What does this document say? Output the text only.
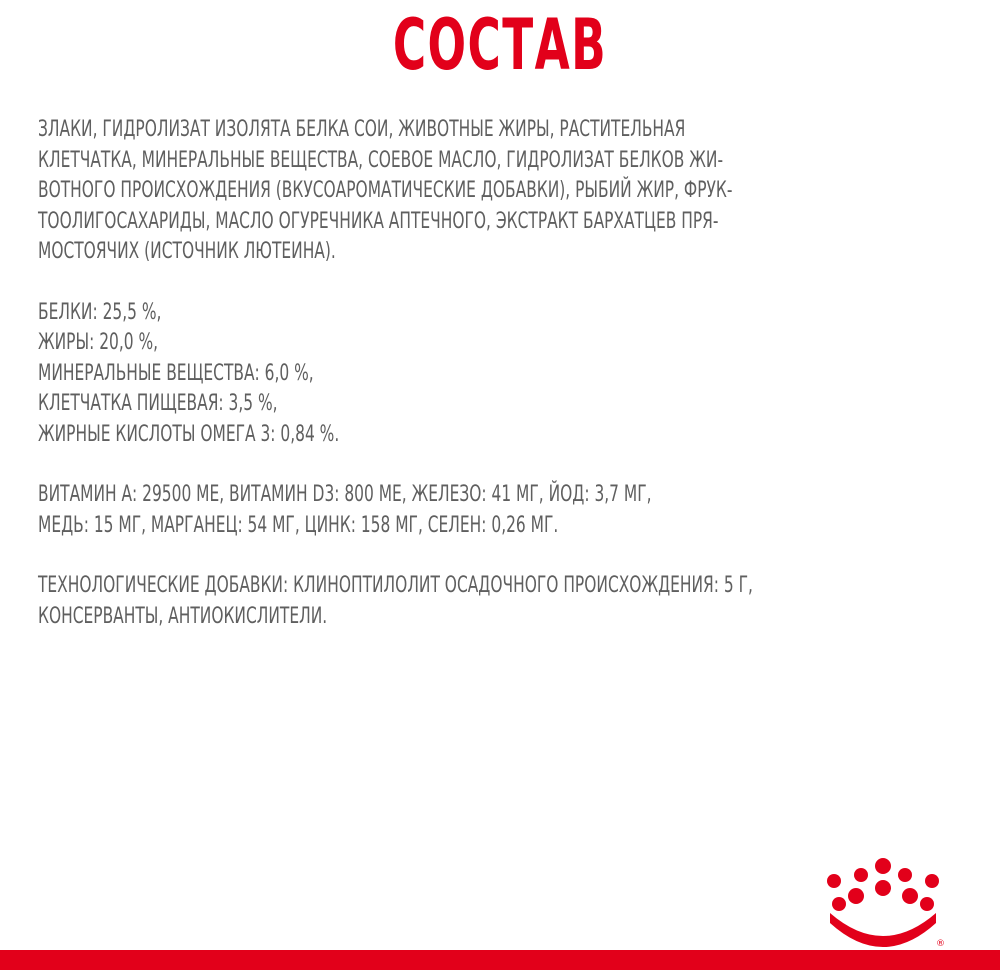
СОСТАВ
ЗЛАКИ, ГИДРОЛИЗАТ ИЗОЛЯТА БЕЛКА СОИ, ЖИВОТНЫЕ ЖИРЫ, РАСТИТЕЛЬНАЯ
КЛЕТЧАТКА, МИНЕРАЛЬНЫЕ ВЕЩЕСТВА, СОЕВОЕ МАСЛО, ГИДРОЛИЗАТ БЕЛКОВ ЖИ-
ВОТНОГО ПРОИСХОЖДЕНИЯ (ВКУСОАРОМАТИЧЕСКИЕ ДОБАВКИ), РЫБИЙ ЖИР, ФРУК-
ТООЛИГОСАХАРИДЫ, МАСЛО ОГУРЕЧНИКА АПТЕЧНОГО, ЭКСТРАКТ БАРХАТЦЕВ ПРЯ-
МОСТОЯЧИХ (ИСТОЧНИК ЛЮТЕИНА).
БЕЛКИ: 25,5 %,
ЖИРЫ: 20,0 %,
МИНЕРАЛЬНЫЕ ВЕЩЕСТВА: 6,0 %,
КЛЕТЧАТКА ПИЩЕВАЯ: 3,5 %,
ЖИРНЫЕ КИСЛОТЫ ОМЕГА 3: 0,84 %.
ВИТАМИН А: 29500 МЕ, ВИТАМИН D3: 800 МЕ, ЖЕЛЕЗО: 41 МГ, ЙОД: 3,7 МГ,
МЕДЬ: 15 МГ, МАРГАНЕЦ: 54 МГ, ЦИНК: 158 МГ, СЕЛЕН: 0,26 МГ.
ТЕХНОЛОГИЧЕСКИЕ ДОБАВКИ: КЛИНОПТИЛОЛИТ ОСАДОЧНОГО ПРОИСХОЖДЕНИЯ: 5 Г,
КОНСЕРВАНТЫ, АНТИОКИСЛИТЕЛИ.
®
